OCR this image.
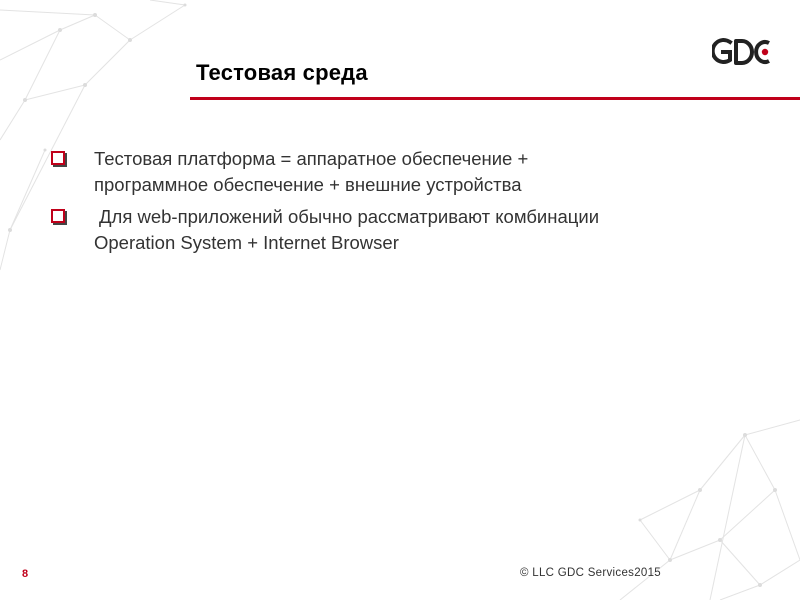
Тестовая среда
Тестовая платформа = аппаратное обеспечение +
программное обеспечение + внешние устройства
Для web-приложений обычно рассматривают комбинации
Operation System + Internet Browser
8	© LLC GDC Services2015
